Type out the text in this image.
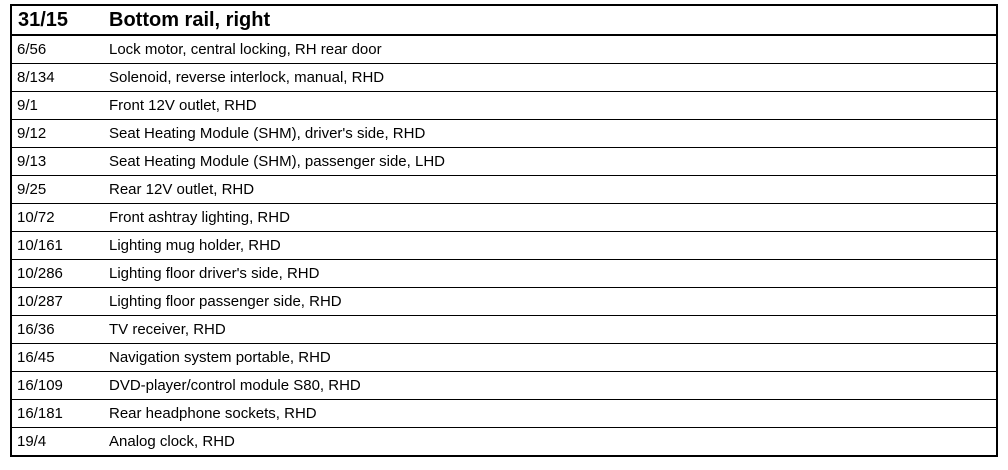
31/15	Bottom rail, right
6/56	Lock motor, central locking, RH rear door
8/134	Solenoid, reverse interlock, manual, RHD
9/1	Front 12V outlet, RHD
9/12	Seat Heating Module (SHM), driver's side, RHD
9/13	Seat Heating Module (SHM), passenger side, LHD
9/25	Rear 12V outlet, RHD
10/72	Front ashtray lighting, RHD
10/161	Lighting mug holder, RHD
10/286	Lighting floor driver's side, RHD
10/287	Lighting floor passenger side, RHD
16/36	TV receiver, RHD
16/45	Navigation system portable, RHD
16/109	DVD-player/control module S80, RHD
16/181	Rear headphone sockets, RHD
19/4	Analog clock, RHD
